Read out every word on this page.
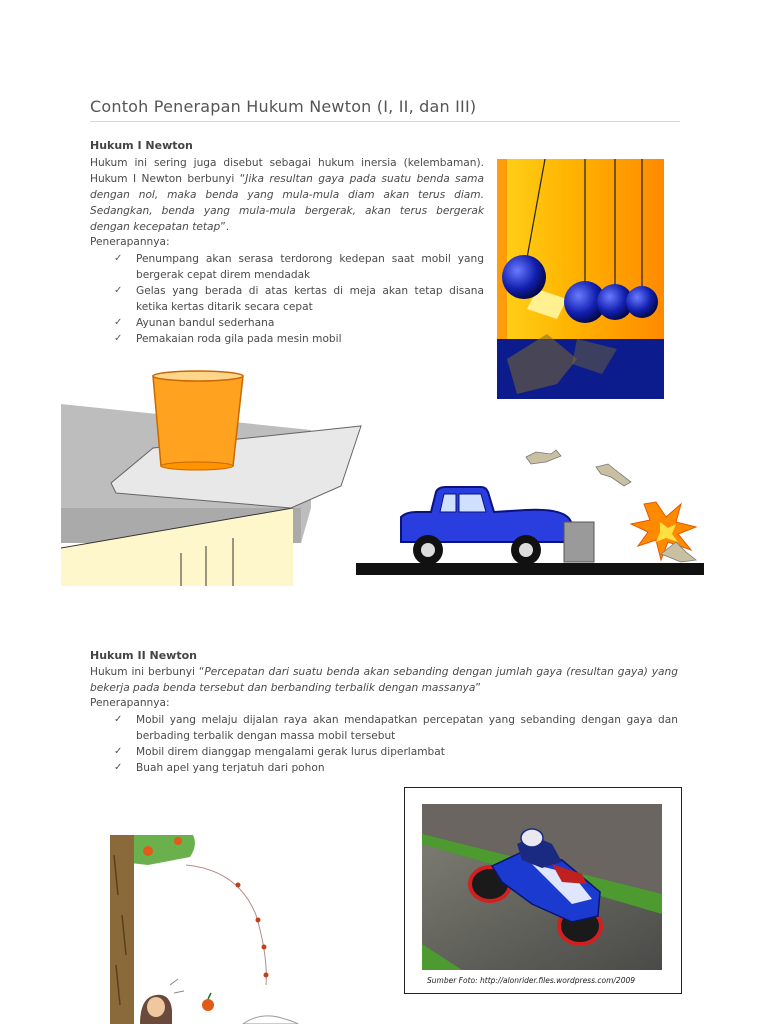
Contoh Penerapan Hukum Newton (I, II, dan III)
Hukum I Newton
Hukum ini sering juga disebut sebagai hukum inersia (kelembaman). Hukum I Newton berbunyi “Jika resultan gaya pada suatu benda sama dengan nol, maka benda yang mula-mula diam akan terus diam. Sedangkan, benda yang mula-mula bergerak, akan terus bergerak dengan kecepatan tetap”.
Penerapannya:
✓ Penumpang akan serasa terdorong kedepan saat mobil yang bergerak cepat direm mendadak
✓ Gelas yang berada di atas kertas di meja akan tetap disana ketika kertas ditarik secara cepat
✓ Ayunan bandul sederhana
✓ Pemakaian roda gila pada mesin mobil
Hukum II Newton
Hukum ini berbunyi “Percepatan dari suatu benda akan sebanding dengan jumlah gaya (resultan gaya) yang bekerja pada benda tersebut dan berbanding terbalik dengan massanya”
Penerapannya:
✓ Mobil yang melaju dijalan raya akan mendapatkan percepatan yang sebanding dengan gaya dan berbading terbalik dengan massa mobil tersebut
✓ Mobil direm dianggap mengalami gerak lurus diperlambat
✓ Buah apel yang terjatuh dari pohon
Sumber Foto: http://alonrider.files.wordpress.com/2009
